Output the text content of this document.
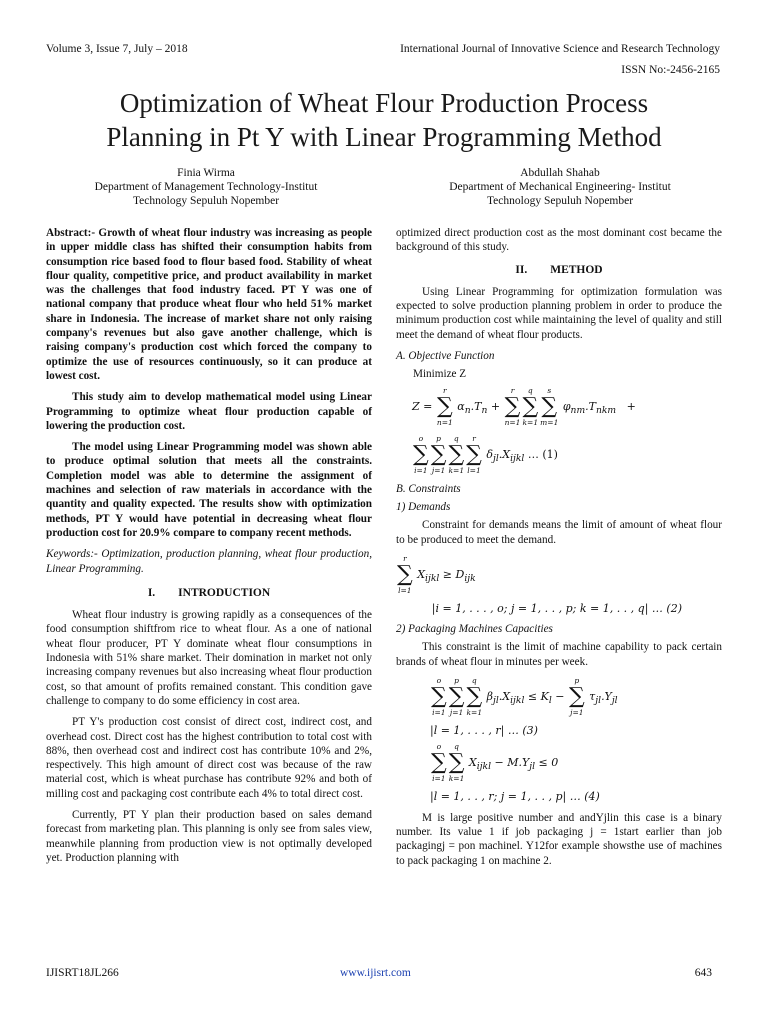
Volume 3, Issue 7, July – 2018	International Journal of Innovative Science and Research Technology
ISSN No:-2456-2165
Optimization of Wheat Flour Production Process
Planning in Pt Y with Linear Programming Method
Finia Wirma
Department of Management Technology-Institut
Technology Sepuluh Nopember
Abdullah Shahab
Department of Mechanical Engineering- Institut
Technology Sepuluh Nopember

Abstract:- Growth of wheat flour industry was increasing as people in upper middle class has shifted their consumption habits from consumption rice based food to flour based food. Stability of wheat flour quality, competitive price, and product availability in market was the challenges that food industry faced. PT Y was one of national company that produce wheat flour who held 51% market share in Indonesia. The increase of market share not only raising company's revenues but also gave another challenge, which is raising company's production cost which forced the company to optimize the use of resources continuously, so it can produce at lowest cost.

This study aim to develop mathematical model using Linear Programming to optimize wheat flour production capable of lowering the production cost.

The model using Linear Programming model was shown able to produce optimal solution that meets all the constraints. Completion model was able to determine the assignment of machines and selection of raw materials in accordance with the quantity and quality expected. The results show with optimization methods, PT Y would have potential in decreasing wheat flour production cost for 20.9% compare to company recent methods.

Keywords:- Optimization, production planning, wheat flour production, Linear Programming.

I.        INTRODUCTION

Wheat flour industry is growing rapidly as a consequences of the food consumption shiftfrom rice to wheat flour. As a one of national wheat flour producer, PT Y dominate wheat flour consumptions in Indonesia with 51% share market. Their domination in market not only increasing company revenues but also increasing wheat flour production cost, so that amount of profits remained constant. This condition gave challenge to company to do some efficiency in cost area.

PT Y's production cost consist of direct cost, indirect cost, and overhead cost. Direct cost has the highest contribution to total cost with 88%, then overhead cost and indirect cost has contribute 10% and 2%, respectively. This high amount of direct cost was because of the raw material cost, which is wheat purchase has contribute 92% and both of milling cost and packaging cost contribute each 4% to total direct cost.

Currently, PT Y plan their production based on sales demand forecast from marketing plan. This planning is only see from sales view, meanwhile planning from production view is not optimally developed yet. Production planning with

optimized direct production cost as the most dominant cost became the background of this study.

II.        METHOD

Using Linear Programming for optimization formulation was expected to solve production planning problem in order to produce the minimum production cost while maintaining the level of quality and still meet the demand of wheat flour products.

A. Objective Function
Minimize Z
Z =
r
∑
n=1
$\alpha_n.T_n$ +
r
∑
n=1
q
∑
k=1
s
∑
m=1
$\varphi_{nm}.T_{nkm}$   +
o
∑
i=1
p
∑
j=1
q
∑
k=1
r
∑
l=1
$\delta_{jl}.X_{ijkl}$ … (1)
B. Constraints
1) Demands

Constraint for demands means the limit of amount of wheat flour to be produced to meet the demand.

r
∑
l=1
$X_{ijkl} \ge D_{ijk}$
|i = 1, . . . , o; j = 1, . . , p; k = 1, . . , q| … (2)
2) Packaging Machines Capacities

This constraint is the limit of machine capability to pack certain brands of wheat flour in minutes per week.

o
∑
i=1
p
∑
j=1
q
∑
k=1
$\beta_{jl}.X_{ijkl} \le K_l$ −
p
∑
j=1
$\tau_{jl}.Y_{jl}$
|l = 1, . . . , r| … (3)
o
∑
i=1
q
∑
k=1
$X_{ijkl} - M.Y_{jl} \le 0$
|l = 1, . . , r; j = 1, . . , p| … (4)

M is large positive number and andYjlin this case is a binary number. Its value 1 if job packaging j = 1start earlier than job packagingj = pon machinel. Y12for example showsthe use of machines to pack packaging 1 on machine 2.

IJISRT18JL266	www.ijisrt.com	643
